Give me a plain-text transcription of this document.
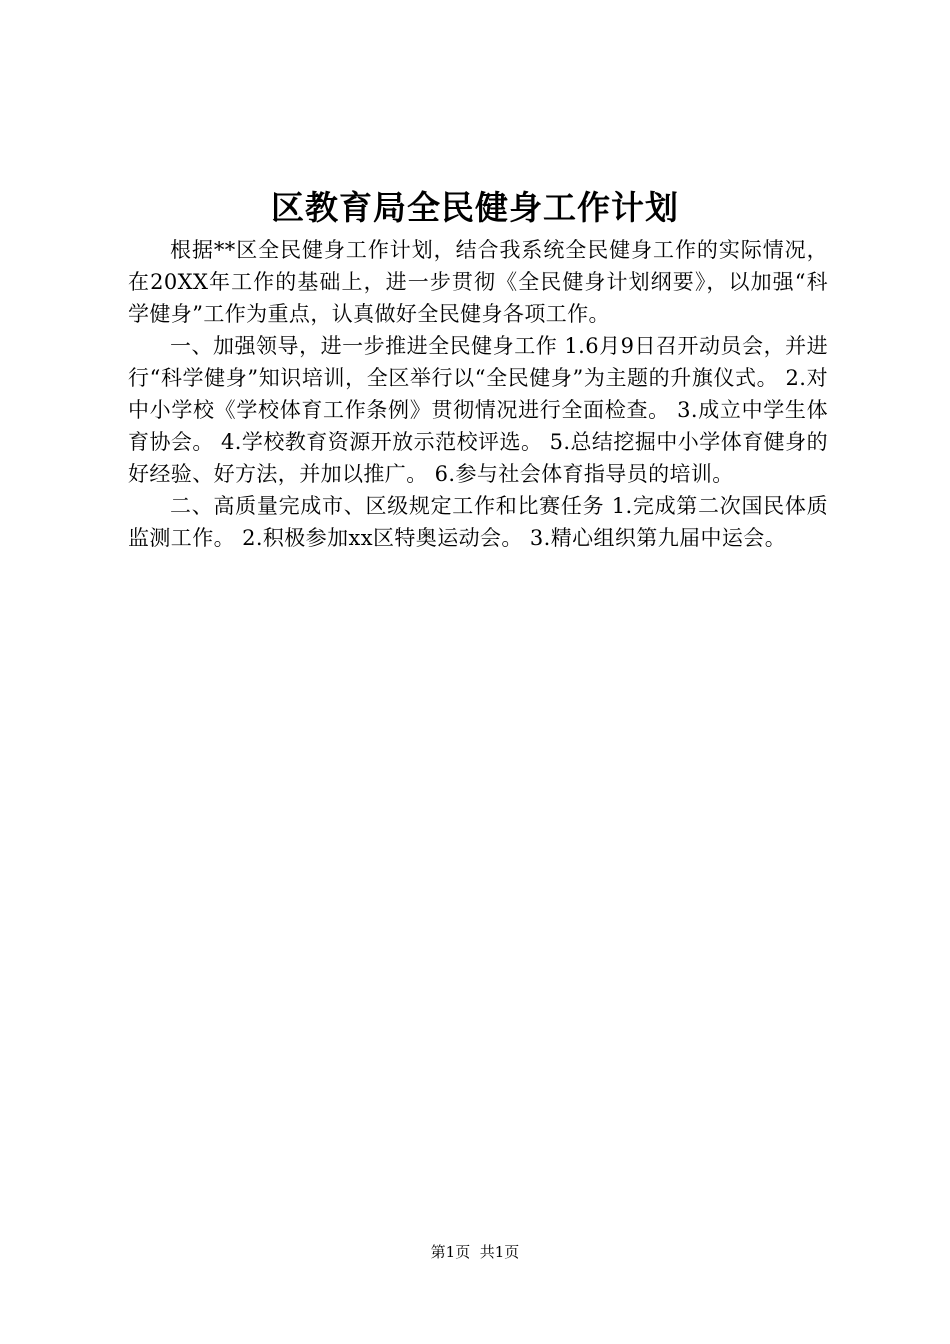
区教育局全民健身工作计划

根据**区全民健身工作计划，结合我系统全民健身工作的实际情况，在20XX年工作的基础上，进一步贯彻《全民健身计划纲要》，以加强“科学健身”工作为重点，认真做好全民健身各项工作。

一、加强领导，进一步推进全民健身工作 1.6月9日召开动员会，并进行“科学健身”知识培训，全区举行以“全民健身”为主题的升旗仪式。 2.对中小学校《学校体育工作条例》贯彻情况进行全面检查。 3.成立中学生体育协会。 4.学校教育资源开放示范校评选。 5.总结挖掘中小学体育健身的好经验、好方法，并加以推广。 6.参与社会体育指导员的培训。

二、高质量完成市、区级规定工作和比赛任务 1.完成第二次国民体质监测工作。 2.积极参加xx区特奥运动会。 3.精心组织第九届中运会。

第1页 共1页
